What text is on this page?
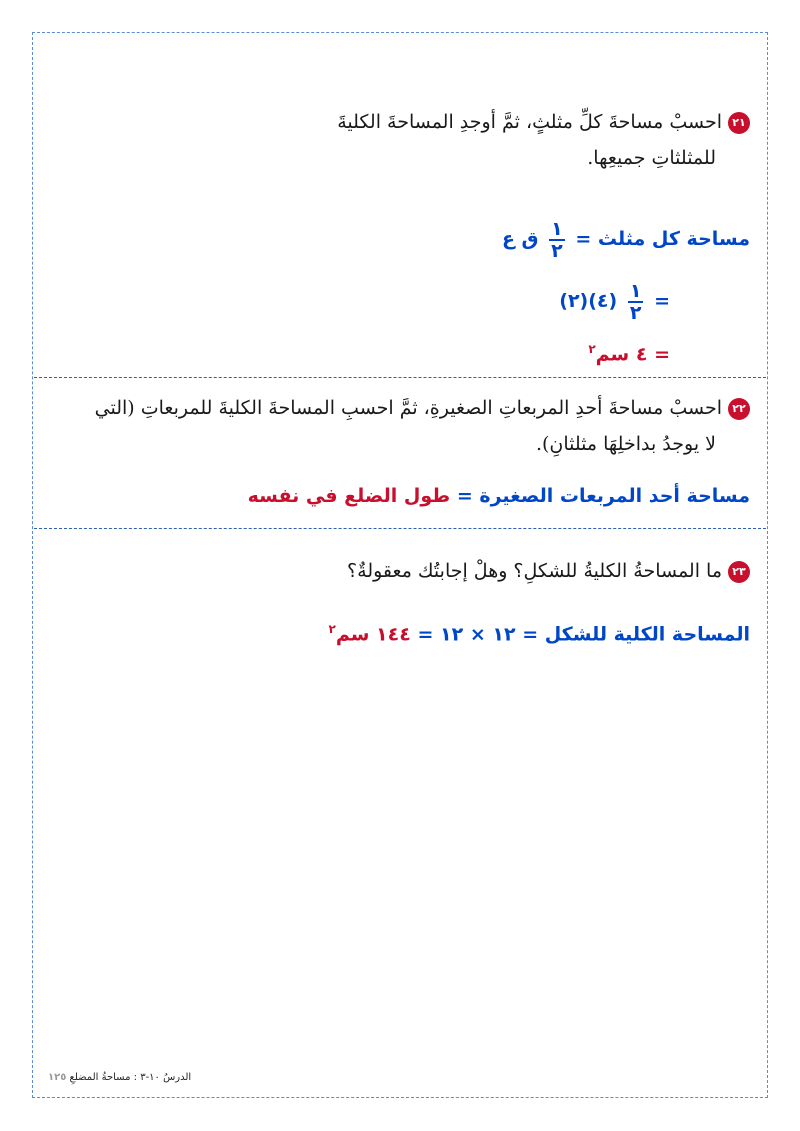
٢١احسبْ مساحةَ كلِّ مثلثٍ، ثمَّ أوجدِ المساحةَ الكليةَ
للمثلثاتِ جميعِها.
مساحة كل مثلث =
$\frac{١}{٢}$
ق ع
=
$\frac{١}{٢}$
(٤)(٢)
= ٤ سم$^٢$
٢٢احسبْ مساحةَ أحدِ المربعاتِ الصغيرةِ، ثمَّ احسبِ المساحةَ الكليةَ للمربعاتِ (التي
لا يوجدُ بداخلِهَا مثلثانِ).
مساحة أحد المربعات الصغيرة = طول الضلع في نفسه
٢٣ما المساحةُ الكليةُ للشكلِ؟ وهلْ إجابتُك معقولةٌ؟
المساحة الكلية للشكل = ١٢ × ١٢ = ١٤٤ سم$^٢$
الدرسُ ١٠-٣ : مساحةُ المضلعِ ١٢٥
